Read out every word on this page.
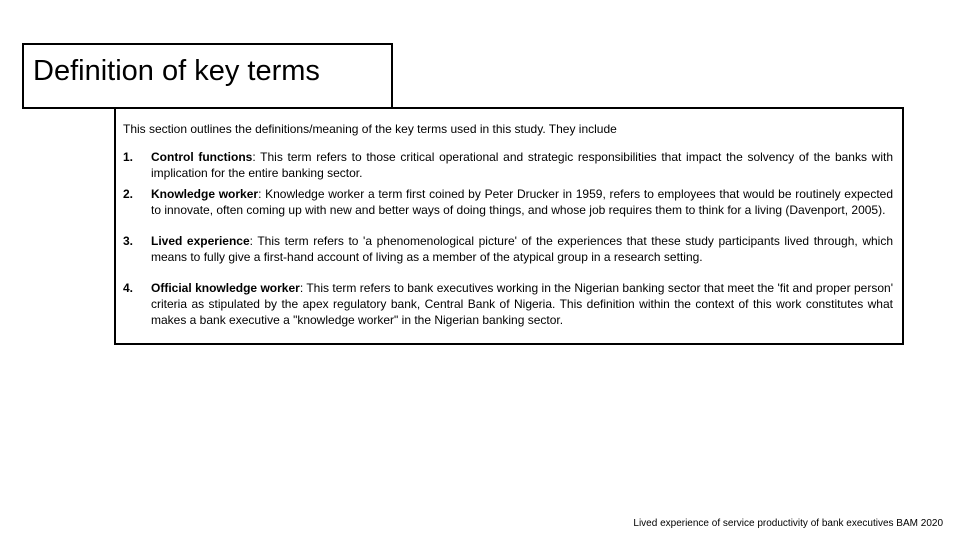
Definition of key terms

This section outlines the definitions/meaning of the key terms used in this study. They include

1.	Control functions: This term refers to those critical operational and strategic responsibilities that impact the solvency of the banks with implication for the entire banking sector.
2.	Knowledge worker: Knowledge worker a term first coined by Peter Drucker in 1959, refers to employees that would be routinely expected to innovate, often coming up with new and better ways of doing things, and whose job requires them to think for a living (Davenport, 2005).
3.	Lived experience: This term refers to 'a phenomenological picture' of the experiences that these study participants lived through, which means to fully give a first-hand account of living as a member of the atypical group in a research setting.
4.	Official knowledge worker: This term refers to bank executives working in the Nigerian banking sector that meet the 'fit and proper person' criteria as stipulated by the apex regulatory bank, Central Bank of Nigeria. This definition within the context of this work constitutes what makes a bank executive a "knowledge worker" in the Nigerian banking sector.
Lived experience of service productivity of bank executives BAM 2020
